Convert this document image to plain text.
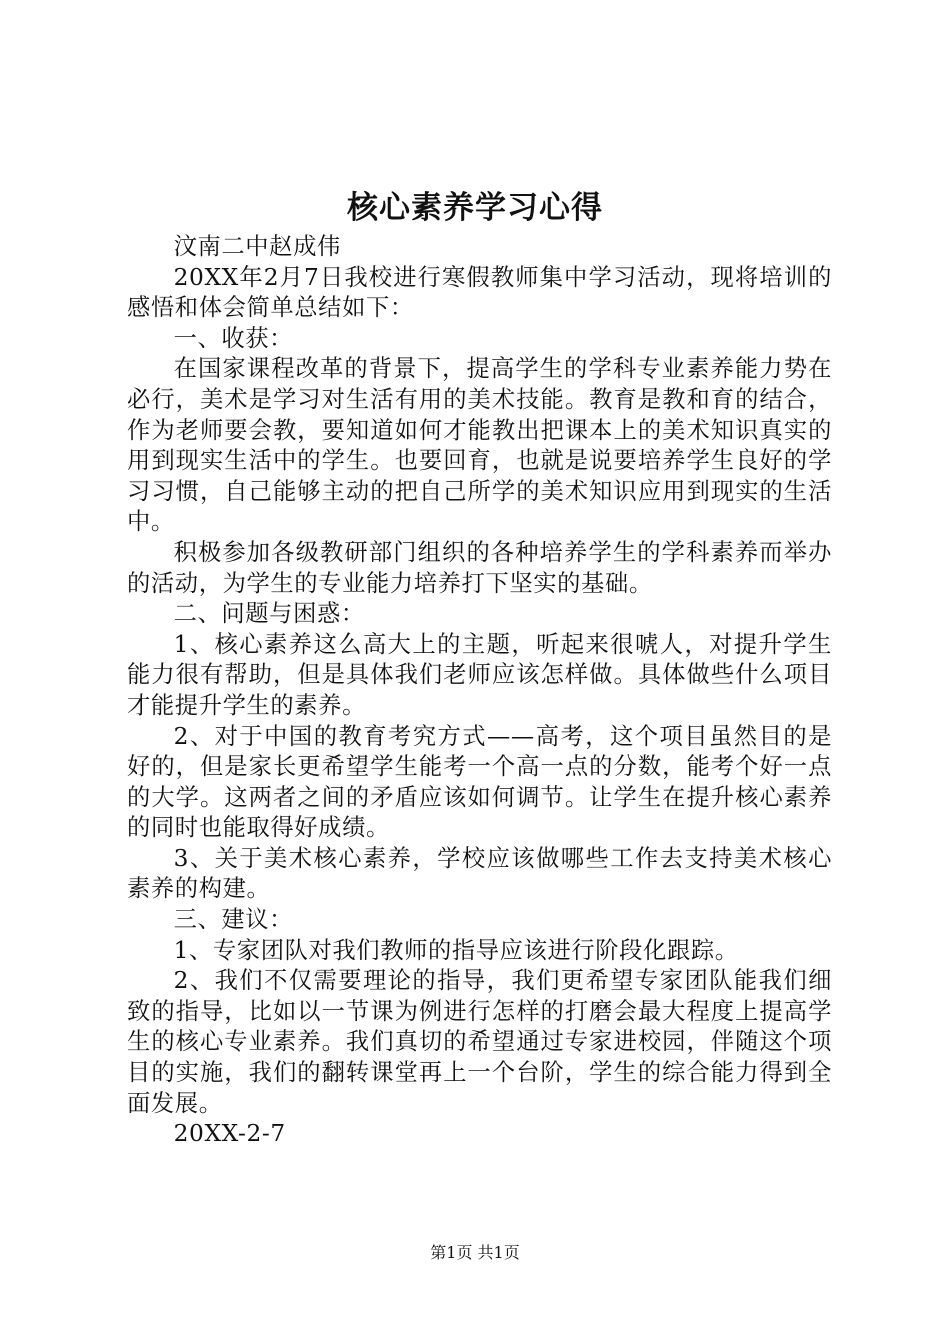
核心素养学习心得

汶南二中赵成伟

20XX年2月7日我校进行寒假教师集中学习活动，现将培训的感悟和体会简单总结如下：

一、收获：

在国家课程改革的背景下，提高学生的学科专业素养能力势在必行，美术是学习对生活有用的美术技能。教育是教和育的结合，作为老师要会教，要知道如何才能教出把课本上的美术知识真实的用到现实生活中的学生。也要回育，也就是说要培养学生良好的学习习惯，自己能够主动的把自己所学的美术知识应用到现实的生活中。

积极参加各级教研部门组织的各种培养学生的学科素养而举办的活动，为学生的专业能力培养打下坚实的基础。

二、问题与困惑：

1、核心素养这么高大上的主题，听起来很唬人，对提升学生能力很有帮助，但是具体我们老师应该怎样做。具体做些什么项目才能提升学生的素养。

2、对于中国的教育考究方式——高考，这个项目虽然目的是好的，但是家长更希望学生能考一个高一点的分数，能考个好一点的大学。这两者之间的矛盾应该如何调节。让学生在提升核心素养的同时也能取得好成绩。

3、关于美术核心素养，学校应该做哪些工作去支持美术核心素养的构建。

三、建议：

1、专家团队对我们教师的指导应该进行阶段化跟踪。

2、我们不仅需要理论的指导，我们更希望专家团队能我们细致的指导，比如以一节课为例进行怎样的打磨会最大程度上提高学生的核心专业素养。我们真切的希望通过专家进校园，伴随这个项目的实施，我们的翻转课堂再上一个台阶，学生的综合能力得到全面发展。

20XX-2-7

第1页 共1页
